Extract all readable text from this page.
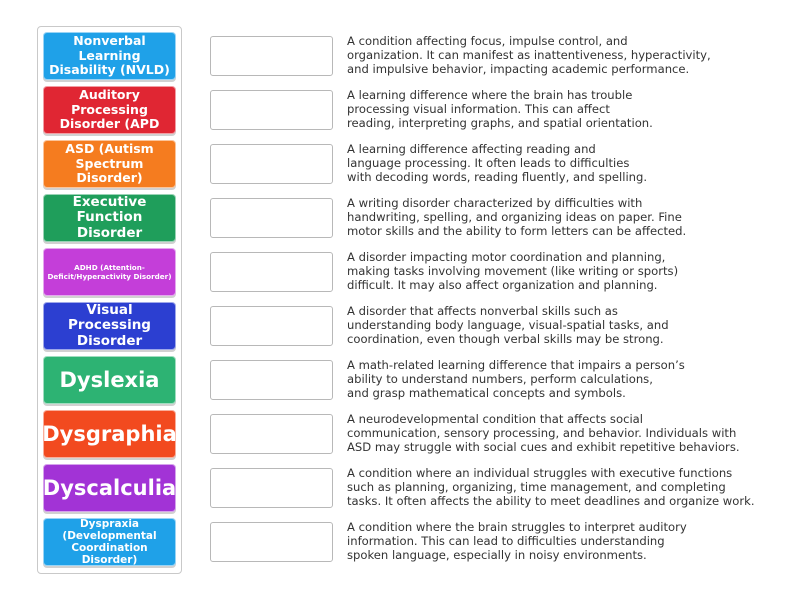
Nonverbal Learning Disability (NVLD)
Auditory Processing Disorder (APD
ASD (Autism Spectrum Disorder)
Executive Function Disorder
ADHD (Attention-Deficit/Hyperactivity Disorder)
Visual Processing Disorder
Dyslexia
Dysgraphia
Dyscalculia
Dyspraxia (Developmental Coordination Disorder)
A condition affecting focus, impulse control, and
organization. It can manifest as inattentiveness, hyperactivity,
and impulsive behavior, impacting academic performance.
A learning difference where the brain has trouble
processing visual information. This can affect
reading, interpreting graphs, and spatial orientation.
A learning difference affecting reading and
language processing. It often leads to difficulties
with decoding words, reading fluently, and spelling.
A writing disorder characterized by difficulties with
handwriting, spelling, and organizing ideas on paper. Fine
motor skills and the ability to form letters can be affected.
A disorder impacting motor coordination and planning,
making tasks involving movement (like writing or sports)
difficult. It may also affect organization and planning.
A disorder that affects nonverbal skills such as
understanding body language, visual-spatial tasks, and
coordination, even though verbal skills may be strong.
A math-related learning difference that impairs a person’s
ability to understand numbers, perform calculations,
and grasp mathematical concepts and symbols.
A neurodevelopmental condition that affects social
communication, sensory processing, and behavior. Individuals with
ASD may struggle with social cues and exhibit repetitive behaviors.
A condition where an individual struggles with executive functions
such as planning, organizing, time management, and completing
tasks. It often affects the ability to meet deadlines and organize work.
A condition where the brain struggles to interpret auditory
information. This can lead to difficulties understanding
spoken language, especially in noisy environments.
